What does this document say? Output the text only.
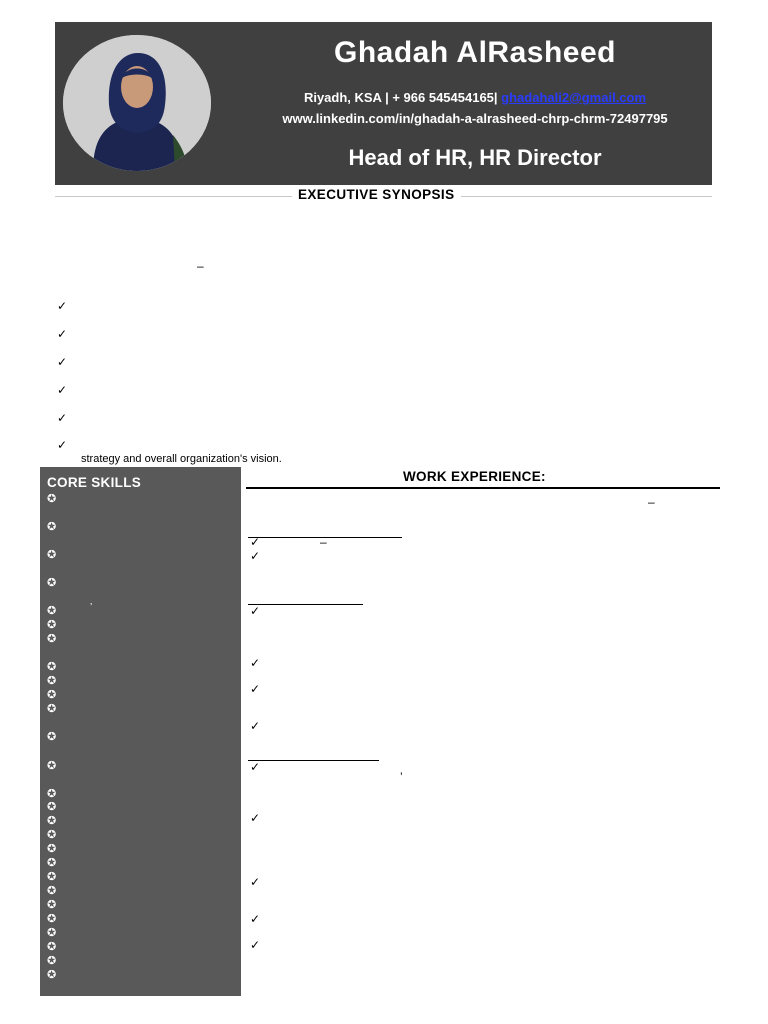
Ghadah AlRasheed
Riyadh, KSA | + 966 545454165| ghadahali2@gmail.com
www.linkedin.com/in/ghadah-a-alrasheed-chrp-chrm-72497795
Head of HR, HR Director
EXECUTIVE SYNOPSIS
–
✓
✓
✓
✓
✓
✓
strategy and overall organization's vision.
CORE SKILLS
✪
✪
✪
✪
✪	’
✪
✪
✪
✪
✪
✪
✪
✪
✪
✪
✪
✪
✪
✪
✪
✪
✪
✪
✪
✪
✪
✪
WORK EXPERIENCE:
–
✓	–
✓
✓
✓
✓
✓
✓
’
✓
✓
✓
✓
